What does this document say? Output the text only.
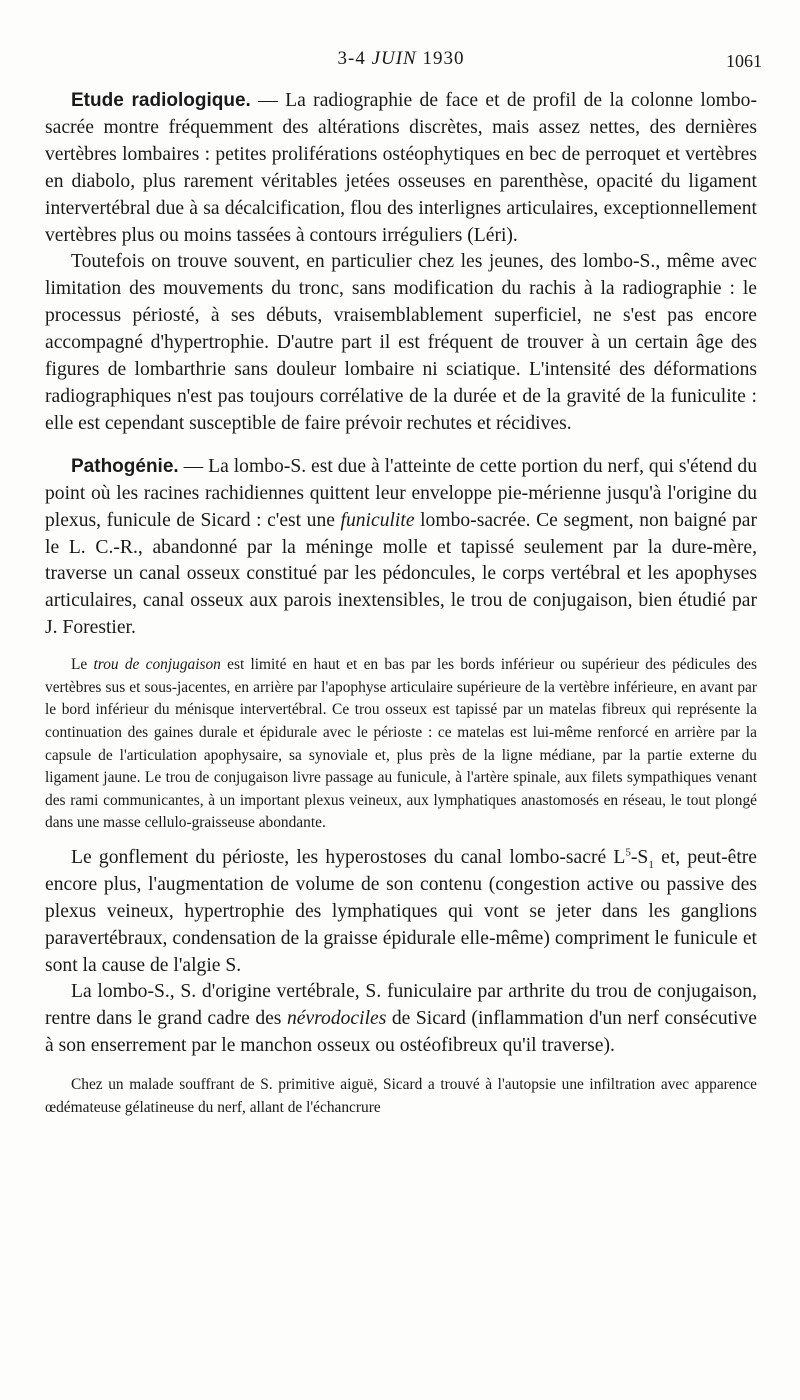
3-4 JUIN 1930	1061

Etude radiologique. — La radiographie de face et de profil de la colonne lombo-sacrée montre fréquemment des altérations discrètes, mais assez nettes, des dernières vertèbres lombaires : petites proliférations ostéophytiques en bec de perroquet et vertèbres en diabolo, plus rarement véritables jetées osseuses en parenthèse, opacité du ligament intervertébral due à sa décalcification, flou des interlignes articulaires, exceptionnellement vertèbres plus ou moins tassées à contours irréguliers (Léri).

Toutefois on trouve souvent, en particulier chez les jeunes, des lombo-S., même avec limitation des mouvements du tronc, sans modification du rachis à la radiographie : le processus périosté, à ses débuts, vraisemblablement superficiel, ne s'est pas encore accompagné d'hypertrophie. D'autre part il est fréquent de trouver à un certain âge des figures de lombarthrie sans douleur lombaire ni sciatique. L'intensité des déformations radiographiques n'est pas toujours corrélative de la durée et de la gravité de la funiculite : elle est cependant susceptible de faire prévoir rechutes et récidives.

Pathogénie. — La lombo-S. est due à l'atteinte de cette portion du nerf, qui s'étend du point où les racines rachidiennes quittent leur enveloppe pie-mérienne jusqu'à l'origine du plexus, funicule de Sicard : c'est une funiculite lombo-sacrée. Ce segment, non baigné par le L. C.-R., abandonné par la méninge molle et tapissé seulement par la dure-mère, traverse un canal osseux constitué par les pédoncules, le corps vertébral et les apophyses articulaires, canal osseux aux parois inextensibles, le trou de conjugaison, bien étudié par J. Forestier.

Le trou de conjugaison est limité en haut et en bas par les bords inférieur ou supérieur des pédicules des vertèbres sus et sous-jacentes, en arrière par l'apophyse articulaire supérieure de la vertèbre inférieure, en avant par le bord inférieur du ménisque intervertébral. Ce trou osseux est tapissé par un matelas fibreux qui représente la continuation des gaines durale et épidurale avec le périoste : ce matelas est lui-même renforcé en arrière par la capsule de l'articulation apophysaire, sa synoviale et, plus près de la ligne médiane, par la partie externe du ligament jaune. Le trou de conjugaison livre passage au funicule, à l'artère spinale, aux filets sympathiques venant des rami communicantes, à un important plexus veineux, aux lymphatiques anastomosés en réseau, le tout plongé dans une masse cellulo-graisseuse abondante.

Le gonflement du périoste, les hyperostoses du canal lombo-sacré $L^5-S_1$ et, peut-être encore plus, l'augmentation de volume de son contenu (congestion active ou passive des plexus veineux, hypertrophie des lymphatiques qui vont se jeter dans les ganglions paravertébraux, condensation de la graisse épidurale elle-même) compriment le funicule et sont la cause de l'algie S.

La lombo-S., S. d'origine vertébrale, S. funiculaire par arthrite du trou de conjugaison, rentre dans le grand cadre des névrodociles de Sicard (inflammation d'un nerf consécutive à son enserrement par le manchon osseux ou ostéofibreux qu'il traverse).

Chez un malade souffrant de S. primitive aiguë, Sicard a trouvé à l'autopsie une infiltration avec apparence œdémateuse gélatineuse du nerf, allant de l'échancrure
